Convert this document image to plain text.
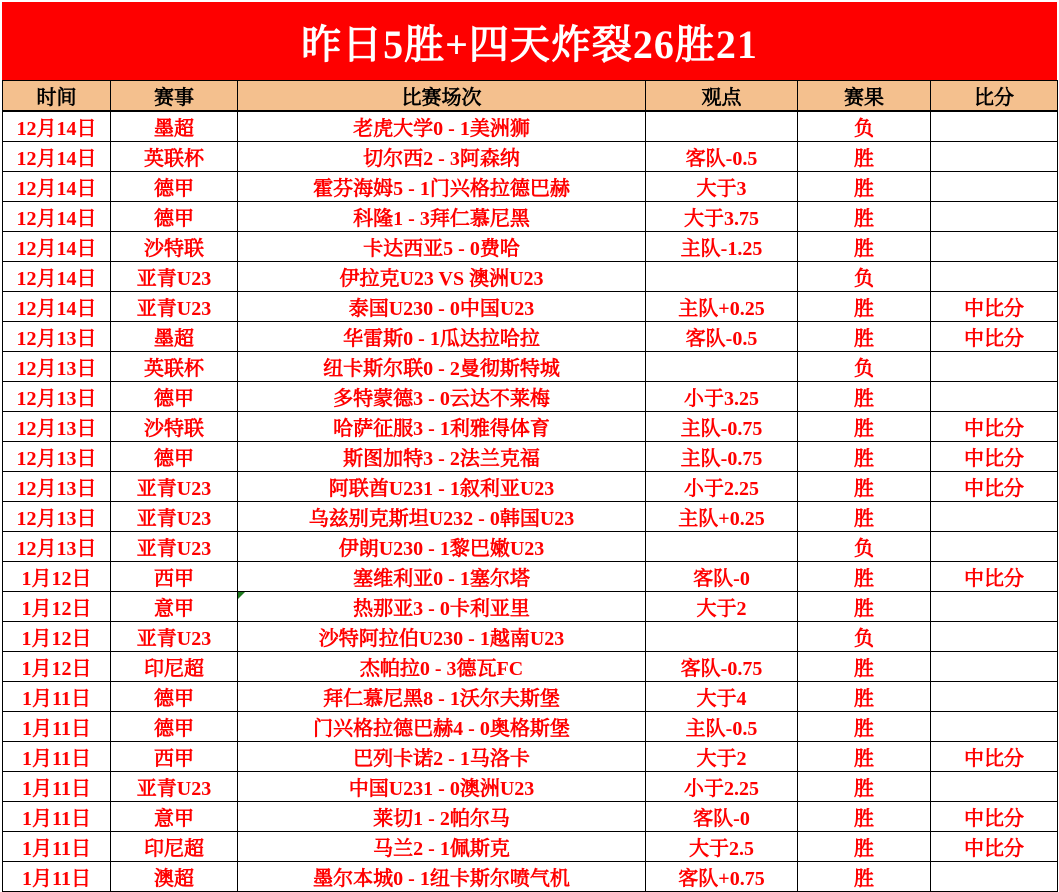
昨日5胜+四天炸裂26胜21
时间	赛事	比赛场次	观点	赛果	比分
12月14日	墨超	老虎大学0 - 1美洲狮		负	
12月14日	英联杯	切尔西2 - 3阿森纳	客队-0.5	胜	
12月14日	德甲	霍芬海姆5 - 1门兴格拉德巴赫	大于3	胜	
12月14日	德甲	科隆1 - 3拜仁慕尼黑	大于3.75	胜	
12月14日	沙特联	卡达西亚5 - 0费哈	主队-1.25	胜	
12月14日	亚青U23	伊拉克U23 VS 澳洲U23		负	
12月14日	亚青U23	泰国U230 - 0中国U23	主队+0.25	胜	中比分
12月13日	墨超	华雷斯0 - 1瓜达拉哈拉	客队-0.5	胜	中比分
12月13日	英联杯	纽卡斯尔联0 - 2曼彻斯特城		负	
12月13日	德甲	多特蒙德3 - 0云达不莱梅	小于3.25	胜	
12月13日	沙特联	哈萨征服3 - 1利雅得体育	主队-0.75	胜	中比分
12月13日	德甲	斯图加特3 - 2法兰克福	主队-0.75	胜	中比分
12月13日	亚青U23	阿联酋U231 - 1叙利亚U23	小于2.25	胜	中比分
12月13日	亚青U23	乌兹别克斯坦U232 - 0韩国U23	主队+0.25	胜	
12月13日	亚青U23	伊朗U230 - 1黎巴嫩U23		负	
1月12日	西甲	塞维利亚0 - 1塞尔塔	客队-0	胜	中比分
1月12日	意甲	热那亚3 - 0卡利亚里	大于2	胜	
1月12日	亚青U23	沙特阿拉伯U230 - 1越南U23		负	
1月12日	印尼超	杰帕拉0 - 3德瓦FC	客队-0.75	胜	
1月11日	德甲	拜仁慕尼黑8 - 1沃尔夫斯堡	大于4	胜	
1月11日	德甲	门兴格拉德巴赫4 - 0奥格斯堡	主队-0.5	胜	
1月11日	西甲	巴列卡诺2 - 1马洛卡	大于2	胜	中比分
1月11日	亚青U23	中国U231 - 0澳洲U23	小于2.25	胜	
1月11日	意甲	莱切1 - 2帕尔马	客队-0	胜	中比分
1月11日	印尼超	马兰2 - 1佩斯克	大于2.5	胜	中比分
1月11日	澳超	墨尔本城0 - 1纽卡斯尔喷气机	客队+0.75	胜	
